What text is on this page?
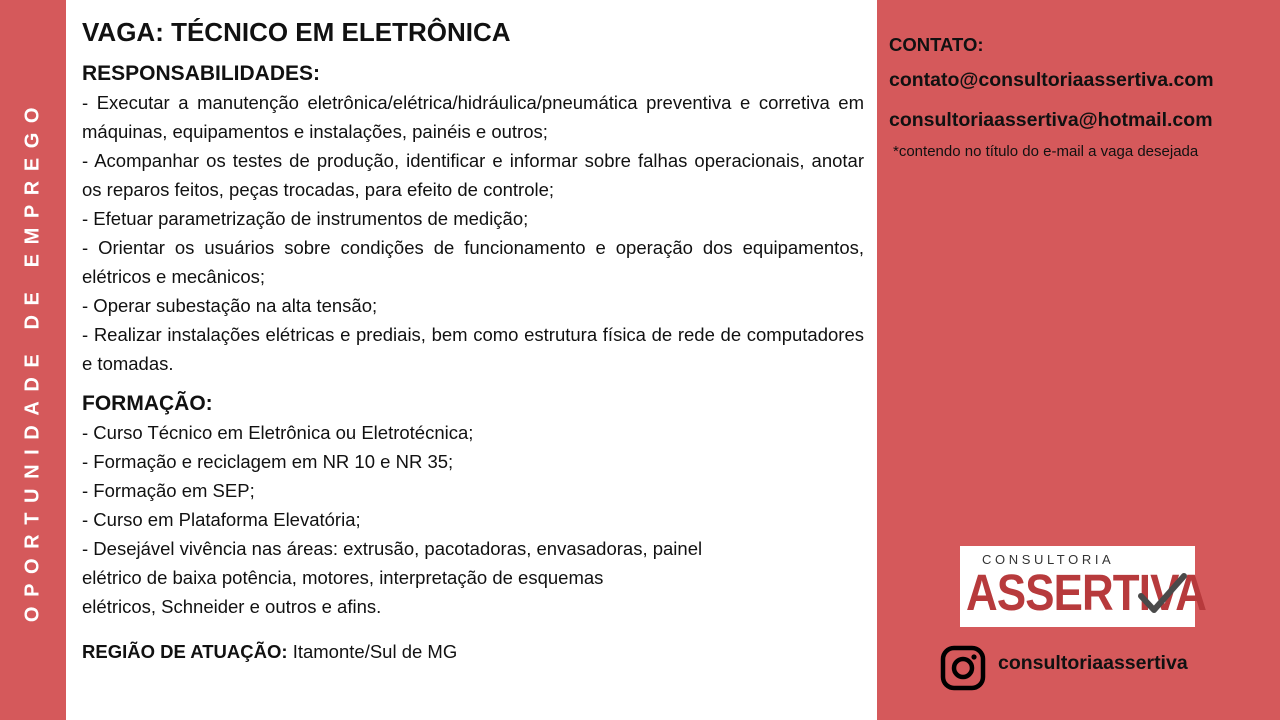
OPORTUNIDADE DE EMPREGO
VAGA: TÉCNICO EM ELETRÔNICA
RESPONSABILIDADES:
- Executar a manutenção eletrônica/elétrica/hidráulica/pneumática preventiva e corretiva em máquinas, equipamentos e instalações, painéis e outros;
- Acompanhar os testes de produção, identificar e informar sobre falhas operacionais, anotar os reparos feitos, peças trocadas, para efeito de controle;
- Efetuar parametrização de instrumentos de medição;
- Orientar os usuários sobre condições de funcionamento e operação dos equipamentos, elétricos e mecânicos;
- Operar subestação na alta tensão;
- Realizar instalações elétricas e prediais, bem como estrutura física de rede de computadores e tomadas.
FORMAÇÃO:
- Curso Técnico em Eletrônica ou Eletrotécnica;
- Formação e reciclagem em NR 10 e NR 35;
- Formação em SEP;
- Curso em Plataforma Elevatória;
- Desejável vivência nas áreas: extrusão, pacotadoras, envasadoras, painel
elétrico de baixa potência, motores, interpretação de esquemas
elétricos, Schneider e outros e afins.
REGIÃO DE ATUAÇÃO: Itamonte/Sul de MG
CONTATO:
contato@consultoriaassertiva.com
consultoriaassertiva@hotmail.com
*contendo no título do e-mail a vaga desejada
CONSULTORIA
ASSERTIVA
consultoriaassertiva
